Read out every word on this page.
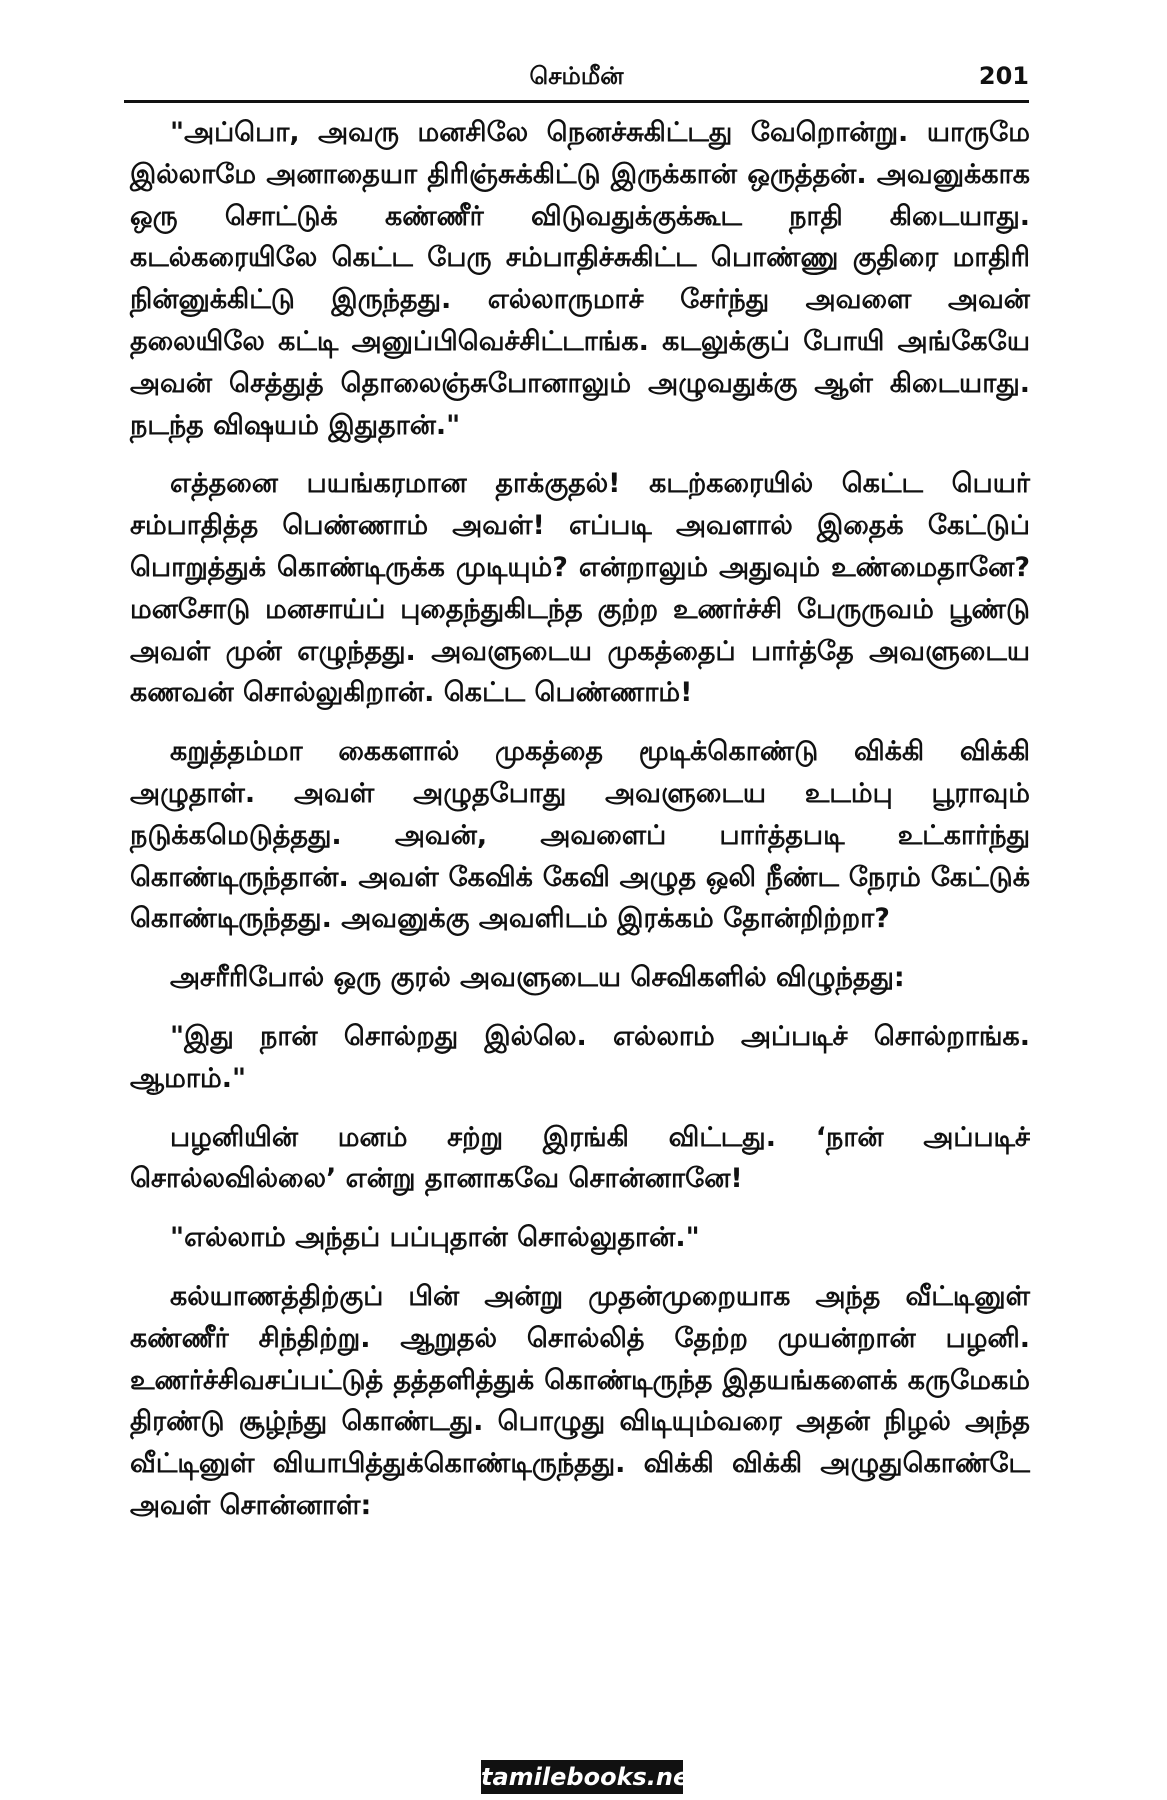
செம்மீன்	201

"அப்பொ, அவரு மனசிலே நெனச்சுகிட்டது வேறொன்று. யாருமே இல்லாமே அனாதையா திரிஞ்சுக்கிட்டு இருக்கான் ஒருத்தன். அவனுக்காக ஒரு சொட்டுக் கண்ணீர் விடுவதுக்குக்கூட நாதி கிடையாது. கடல்கரையிலே கெட்ட பேரு சம்பாதிச்சுகிட்ட பொண்ணு குதிரை மாதிரி நின்னுக்கிட்டு இருந்தது. எல்லாருமாச் சேர்ந்து அவளை அவன் தலையிலே கட்டி அனுப்பிவெச்சிட்டாங்க. கடலுக்குப் போயி அங்கேயே அவன் செத்துத் தொலைஞ்சுபோனாலும் அழுவதுக்கு ஆள் கிடையாது. நடந்த விஷயம் இதுதான்."

எத்தனை பயங்கரமான தாக்குதல்! கடற்கரையில் கெட்ட பெயர் சம்பாதித்த பெண்ணாம் அவள்! எப்படி அவளால் இதைக் கேட்டுப் பொறுத்துக் கொண்டிருக்க முடியும்? என்றாலும் அதுவும் உண்மைதானே? மனசோடு மனசாய்ப் புதைந்துகிடந்த குற்ற உணர்ச்சி பேருருவம் பூண்டு அவள் முன் எழுந்தது. அவளுடைய முகத்தைப் பார்த்தே அவளுடைய கணவன் சொல்லுகிறான். கெட்ட பெண்ணாம்!

கறுத்தம்மா கைகளால் முகத்தை மூடிக்கொண்டு விக்கி விக்கி அழுதாள். அவள் அழுதபோது அவளுடைய உடம்பு பூராவும் நடுக்கமெடுத்தது. அவன், அவளைப் பார்த்தபடி உட்கார்ந்து கொண்டிருந்தான். அவள் கேவிக் கேவி அழுத ஒலி நீண்ட நேரம் கேட்டுக் கொண்டிருந்தது. அவனுக்கு அவளிடம் இரக்கம் தோன்றிற்றா?

அசரீரிபோல் ஒரு குரல் அவளுடைய செவிகளில் விழுந்தது:

"இது நான் சொல்றது இல்லெ. எல்லாம் அப்படிச் சொல்றாங்க. ஆமாம்."

பழனியின் மனம் சற்று இரங்கி விட்டது. ‘நான் அப்படிச் சொல்லவில்லை’ என்று தானாகவே சொன்னானே!

"எல்லாம் அந்தப் பப்புதான் சொல்லுதான்."

கல்யாணத்திற்குப் பின் அன்று முதன்முறையாக அந்த வீட்டினுள் கண்ணீர் சிந்திற்று. ஆறுதல் சொல்லித் தேற்ற முயன்றான் பழனி. உணர்ச்சிவசப்பட்டுத் தத்தளித்துக் கொண்டிருந்த இதயங்களைக் கருமேகம் திரண்டு சூழ்ந்து கொண்டது. பொழுது விடியும்வரை அதன் நிழல் அந்த வீட்டினுள் வியாபித்துக்கொண்டிருந்தது. விக்கி விக்கி அழுதுகொண்டே அவள் சொன்னாள்:

tamilebooks.net
